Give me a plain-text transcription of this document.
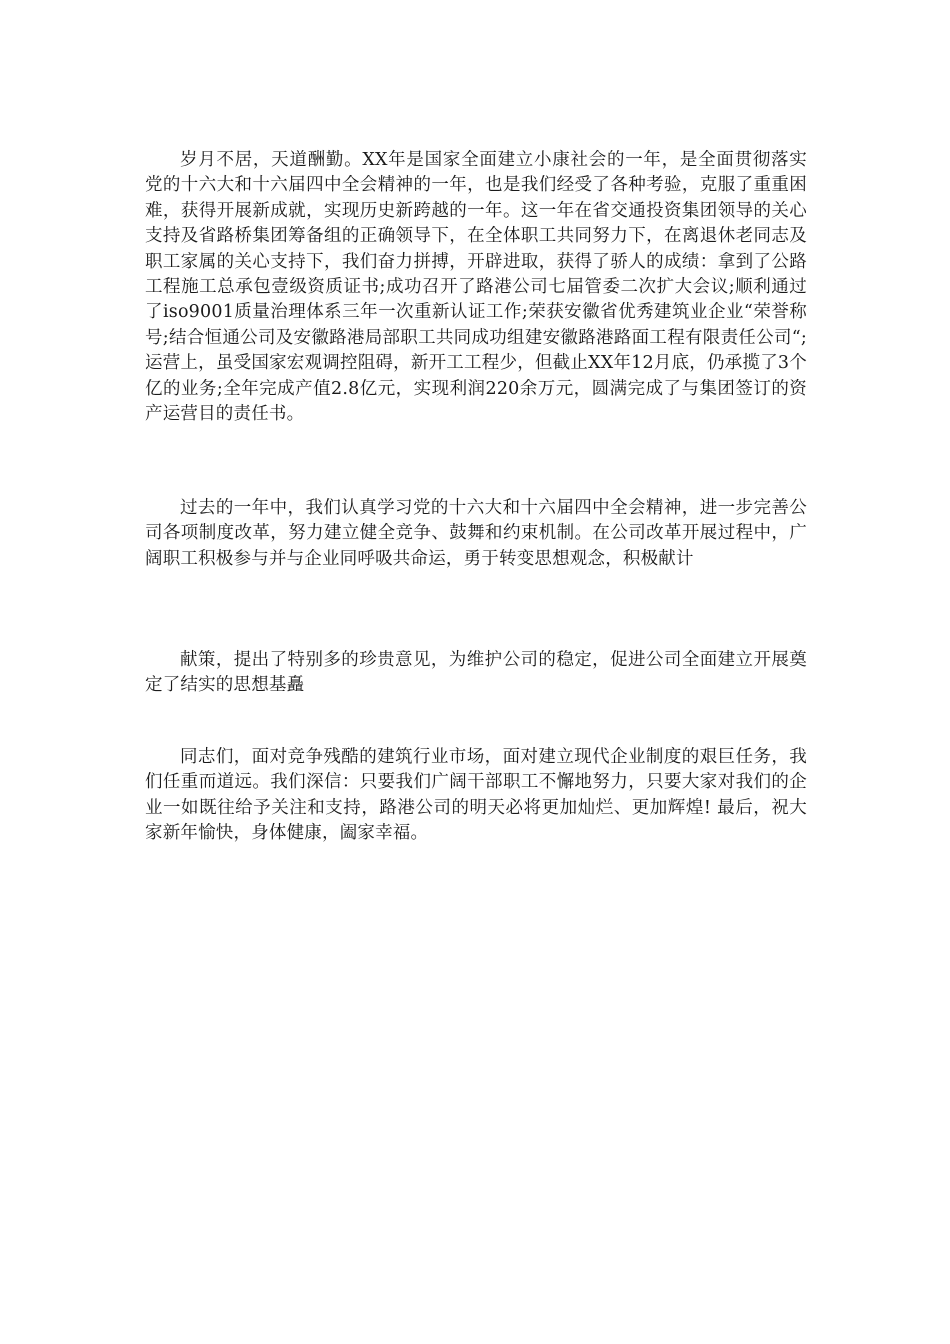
岁月不居，天道酬勤。XX年是国家全面建立小康社会的一年，是全面贯彻落实党的十六大和十六届四中全会精神的一年，也是我们经受了各种考验，克服了重重困难，获得开展新成就，实现历史新跨越的一年。这一年在省交通投资集团领导的关心支持及省路桥集团筹备组的正确领导下，在全体职工共同努力下，在离退休老同志及职工家属的关心支持下，我们奋力拼搏，开辟进取，获得了骄人的成绩：拿到了公路工程施工总承包壹级资质证书;成功召开了路港公司七届管委二次扩大会议;顺利通过了iso9001质量治理体系三年一次重新认证工作;荣获安徽省优秀建筑业企业“荣誉称号;结合恒通公司及安徽路港局部职工共同成功组建安徽路港路面工程有限责任公司“;运营上，虽受国家宏观调控阻碍，新开工工程少，但截止XX年12月底，仍承揽了3个亿的业务;全年完成产值2.8亿元，实现利润220余万元，圆满完成了与集团签订的资产运营目的责任书。

过去的一年中，我们认真学习党的十六大和十六届四中全会精神，进一步完善公司各项制度改革，努力建立健全竞争、鼓舞和约束机制。在公司改革开展过程中，广阔职工积极参与并与企业同呼吸共命运，勇于转变思想观念，积极献计

献策，提出了特别多的珍贵意见，为维护公司的稳定，促进公司全面建立开展奠定了结实的思想基矗

同志们，面对竞争残酷的建筑行业市场，面对建立现代企业制度的艰巨任务，我们任重而道远。我们深信：只要我们广阔干部职工不懈地努力，只要大家对我们的企业一如既往给予关注和支持，路港公司的明天必将更加灿烂、更加辉煌! 最后，祝大家新年愉快，身体健康，阖家幸福。
